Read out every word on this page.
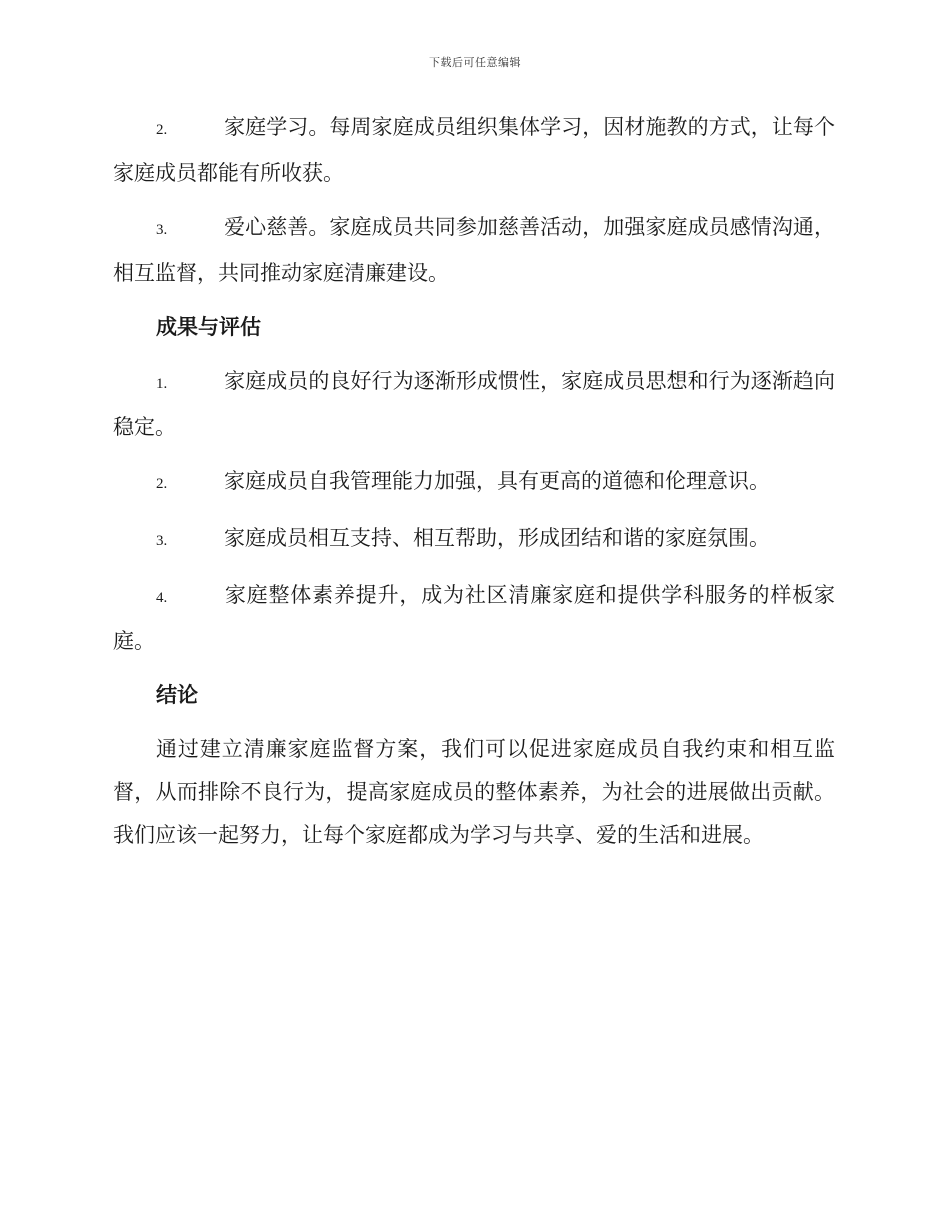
下载后可任意编辑

2.	家庭学习。每周家庭成员组织集体学习，因材施教的方式，让每个家庭成员都能有所收获。

3.	爱心慈善。家庭成员共同参加慈善活动，加强家庭成员感情沟通，相互监督，共同推动家庭清廉建设。

成果与评估

1.	家庭成员的良好行为逐渐形成惯性，家庭成员思想和行为逐渐趋向稳定。

2.	家庭成员自我管理能力加强，具有更高的道德和伦理意识。

3.	家庭成员相互支持、相互帮助，形成团结和谐的家庭氛围。

4.	家庭整体素养提升，成为社区清廉家庭和提供学科服务的样板家庭。

结论

通过建立清廉家庭监督方案，我们可以促进家庭成员自我约束和相互监督，从而排除不良行为，提高家庭成员的整体素养，为社会的进展做出贡献。我们应该一起努力，让每个家庭都成为学习与共享、爱的生活和进展。
